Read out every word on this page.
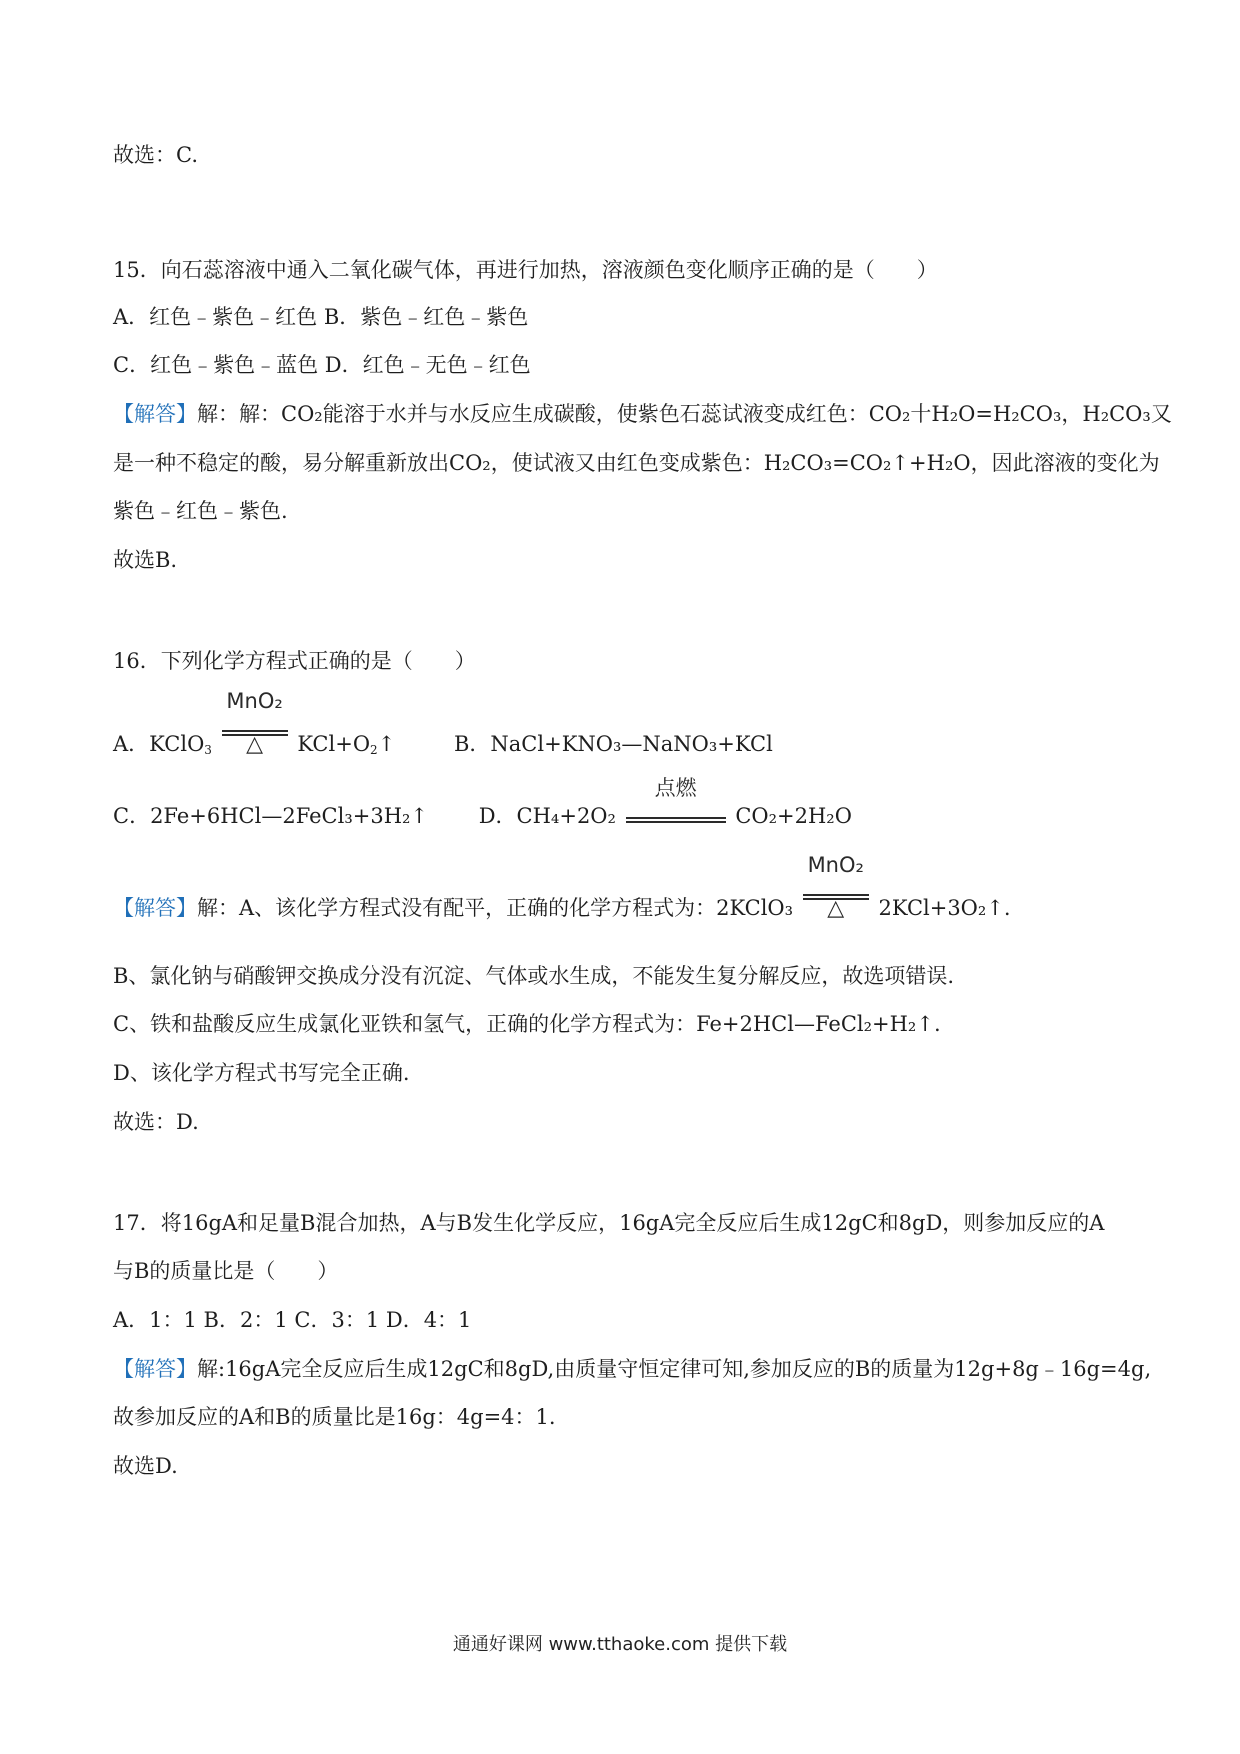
故选：C.
15．向石蕊溶液中通入二氧化碳气体，再进行加热，溶液颜色变化顺序正确的是（　　）
A．红色﹣紫色﹣红色 B．紫色﹣红色﹣紫色
C．红色﹣紫色﹣蓝色 D．红色﹣无色﹣红色
【解答】解：解：CO₂能溶于水并与水反应生成碳酸，使紫色石蕊试液变成红色：CO₂十H₂O=H₂CO₃，H₂CO₃又
是一种不稳定的酸，易分解重新放出CO₂，使试液又由红色变成紫色：H₂CO₃=CO₂↑+H₂O，因此溶液的变化为
紫色﹣红色﹣紫色.
故选B.
16．下列化学方程式正确的是（　　）
A．KClO$_3$
MnO₂
△	$KCl+O_2↑$	B．NaCl+KNO₃—NaNO₃+KCl
C．2Fe+6HCl—2FeCl₃+3H₂↑ D．CH₄+2O₂
点燃
CO₂+2H₂O
【解答】解：A、该化学方程式没有配平，正确的化学方程式为：2KClO₃
MnO₂
△	2KCl+3O₂↑.
B、氯化钠与硝酸钾交换成分没有沉淀、气体或水生成，不能发生复分解反应，故选项错误.
C、铁和盐酸反应生成氯化亚铁和氢气，正确的化学方程式为：Fe+2HCl—FeCl₂+H₂↑.
D、该化学方程式书写完全正确.
故选：D.
17．将16gA和足量B混合加热，A与B发生化学反应，16gA完全反应后生成12gC和8gD，则参加反应的A
与B的质量比是（　　）
A．1：1 B．2：1 C．3：1 D．4：1
【解答】解:16gA完全反应后生成12gC和8gD,由质量守恒定律可知,参加反应的B的质量为12g+8g﹣16g=4g,
故参加反应的A和B的质量比是16g：4g=4：1.
故选D.
通通好课网 www.tthaoke.com 提供下载
